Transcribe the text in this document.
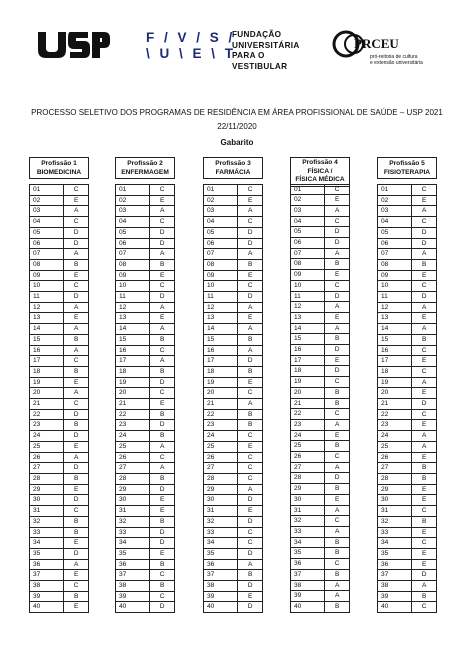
F / V / S /
\ U \ E \ T
FUNDAÇÃO
UNIVERSITÁRIA
PARA O VESTIBULAR
PRCEU
pró-reitoria de cultura
e extensão universitária
PROCESSO SELETIVO DOS PROGRAMAS DE RESIDÊNCIA EM ÁREA PROFISSIONAL DE SAÚDE – USP 2021
22/11/2020
Gabarito
Profissão 1
BIOMEDICINA
01	C
02	E
03	A
04	C
05	D
06	D
07	A
08	B
09	E
10	C
11	D
12	A
13	E
14	A
15	B
16	A
17	C
18	B
19	E
20	A
21	C
22	D
23	B
24	D
25	E
26	A
27	D
28	B
29	E
30	D
31	C
32	B
33	B
34	E
35	D
36	A
37	E
38	C
39	B
40	E
Profissão 2
ENFERMAGEM
01	C
02	E
03	A
04	C
05	D
06	D
07	A
08	B
09	E
10	C
11	D
12	A
13	E
14	A
15	B
16	C
17	A
18	B
19	D
20	C
21	E
22	B
23	D
24	B
25	A
26	C
27	A
28	B
29	D
30	E
31	E
32	B
33	D
34	D
35	E
36	B
37	C
38	B
39	C
40	D
Profissão 3
FARMÁCIA
01	C
02	E
03	A
04	C
05	D
06	D
07	A
08	B
09	E
10	C
11	D
12	A
13	E
14	A
15	B
16	A
17	D
18	B
19	E
20	C
21	A
22	B
23	B
24	C
25	E
26	C
27	C
28	C
29	A
30	D
31	E
32	D
33	C
34	C
35	D
36	A
37	B
38	D
39	E
40	D
Profissão 4
FÍSICA /
FÍSICA MÉDICA
01	C
02	E
03	A
04	C
05	D
06	D
07	A
08	B
09	E
10	C
11	D
12	A
13	E
14	A
15	B
16	D
17	E
18	D
19	C
20	B
21	B
22	C
23	A
24	E
25	B
26	C
27	A
28	D
29	B
30	E
31	A
32	C
33	A
34	B
35	B
36	C
37	B
38	A
39	A
40	B
Profissão 5
FISIOTERAPIA
01	C
02	E
03	A
04	C
05	D
06	D
07	A
08	B
09	E
10	C
11	D
12	A
13	E
14	A
15	B
16	C
17	E
18	C
19	A
20	E
21	D
22	C
23	E
24	A
25	A
26	E
27	B
28	B
29	E
30	E
31	C
32	B
33	E
34	C
35	E
36	E
37	D
38	A
39	B
40	C
